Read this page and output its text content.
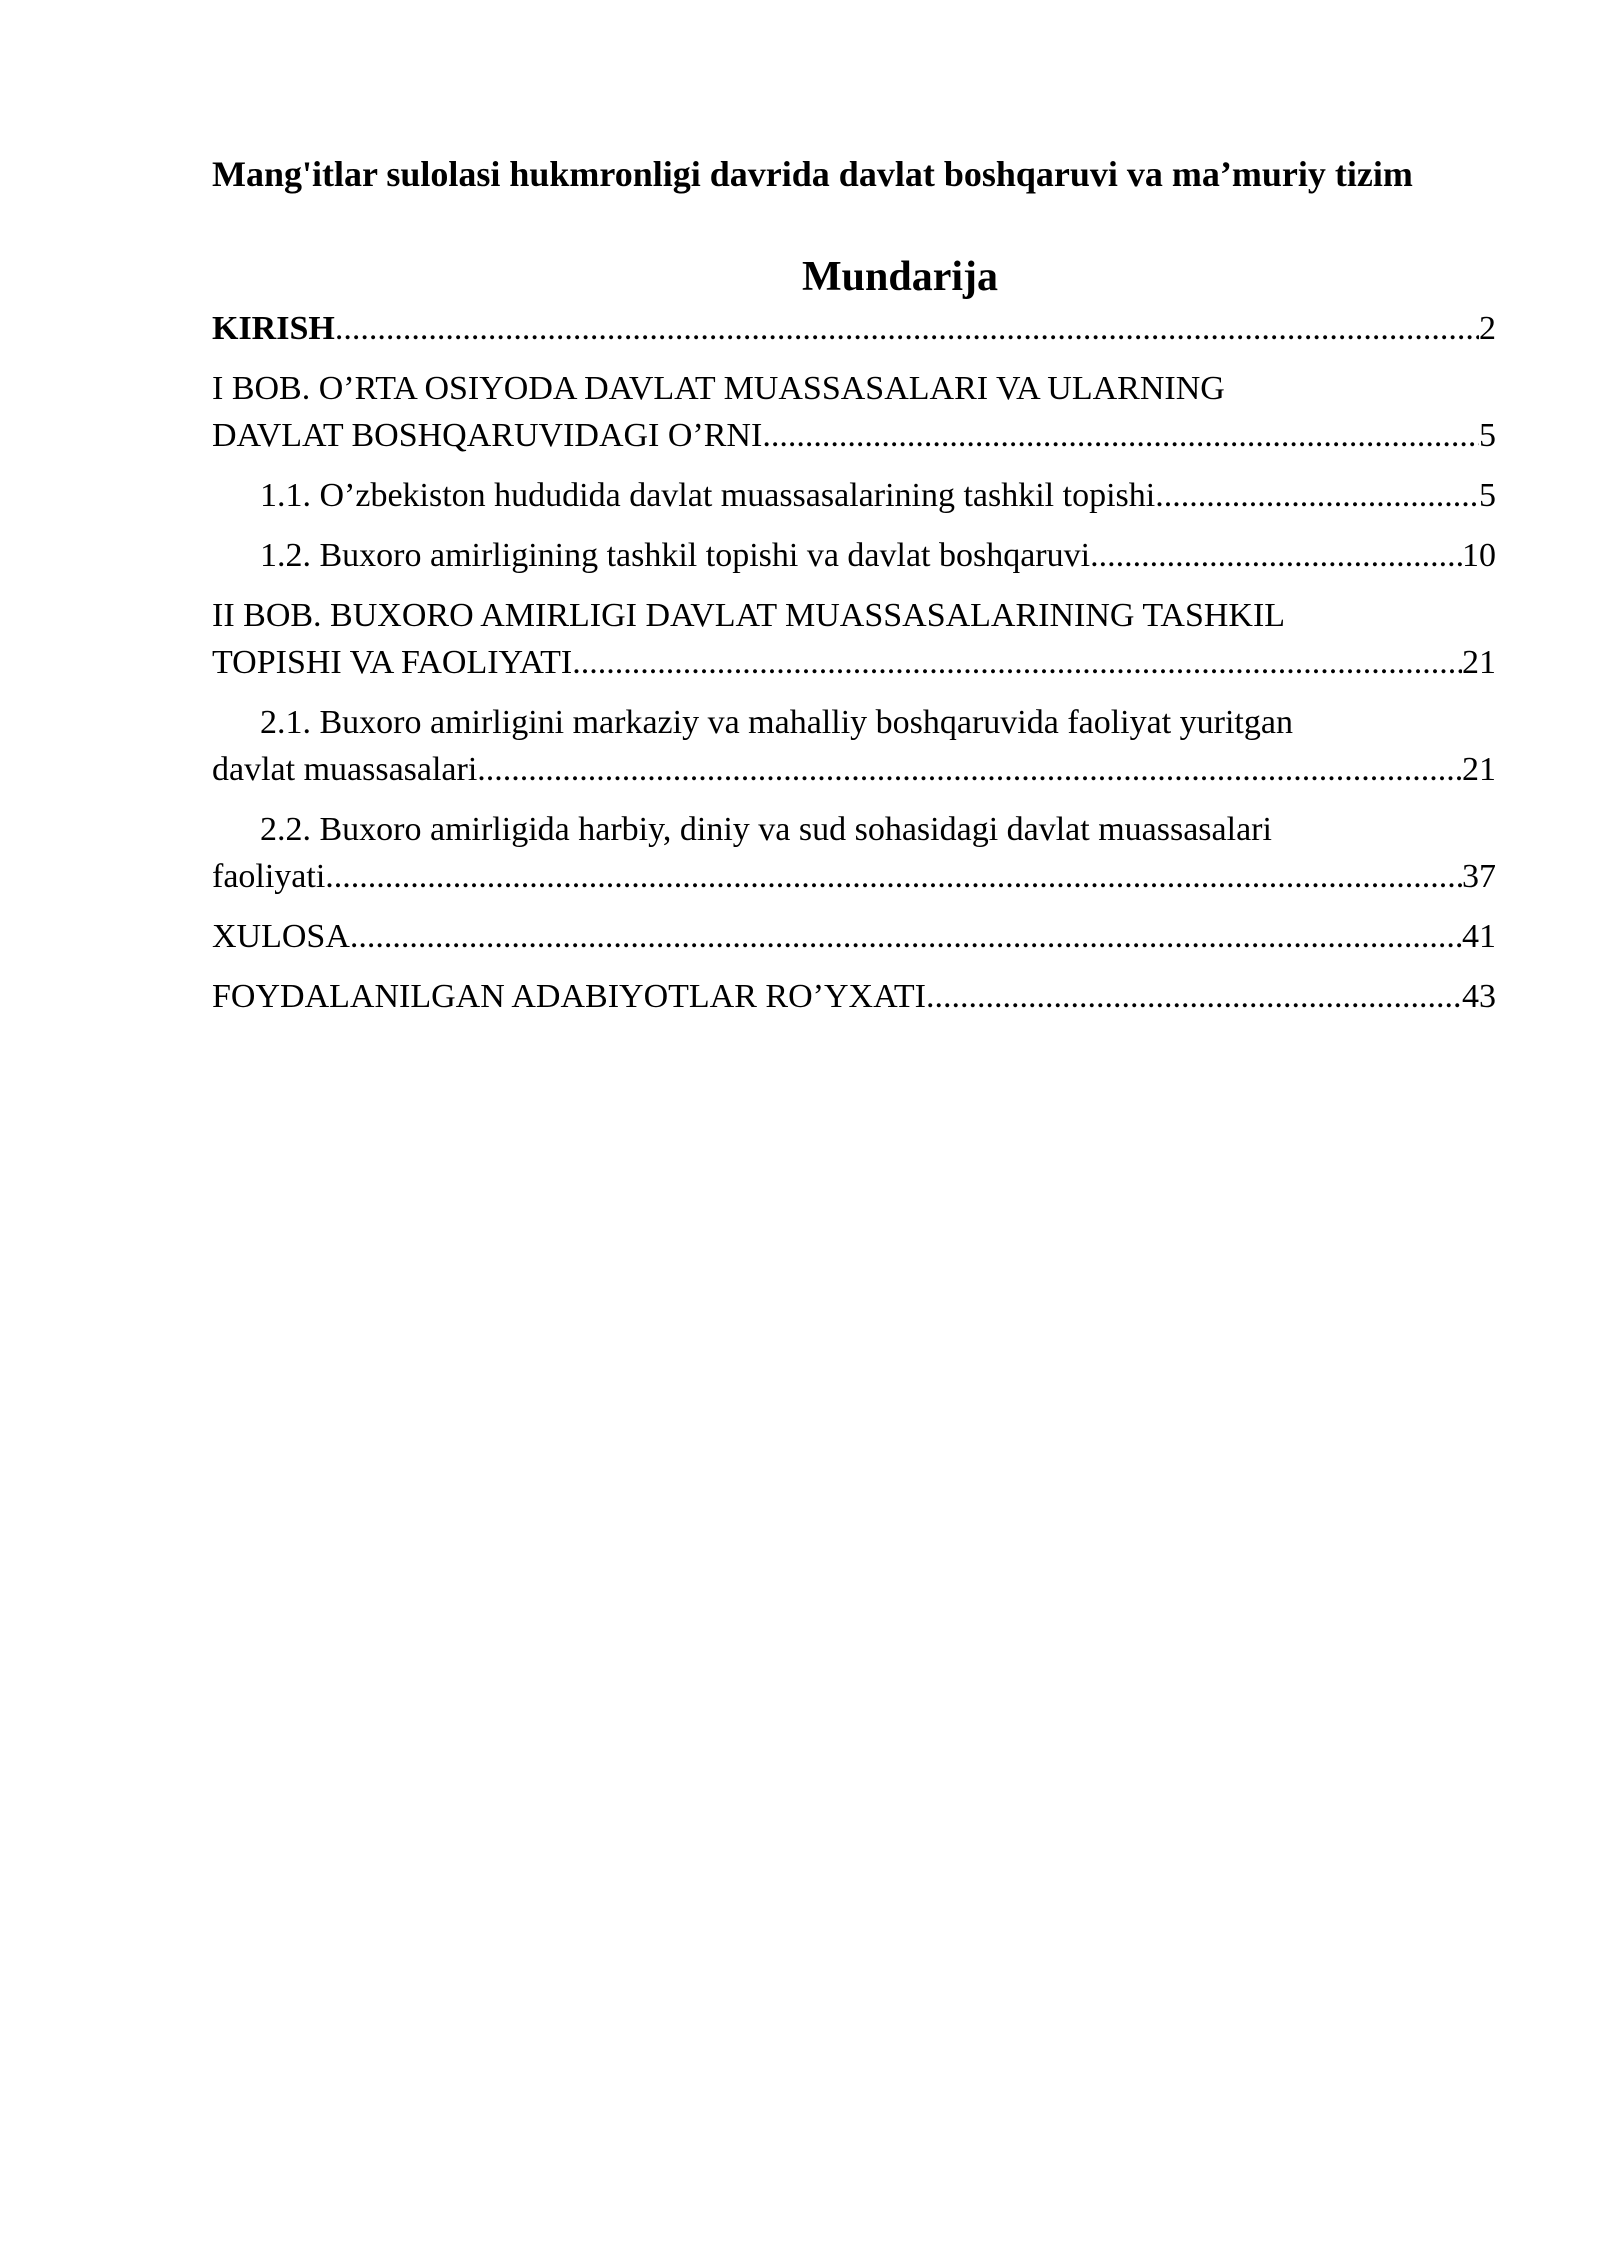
Mang'itlar sulolasi hukmronligi davrida davlat boshqaruvi va ma’muriy tizim
Mundarija
KIRISH .....	2
I BOB. O’RTA OSIYODA DAVLAT MUASSASALARI VA ULARNING
DAVLAT BOSHQARUVIDAGI O’RNI .....	5
1.1. O’zbekiston hududida davlat muassasalarining tashkil topishi .....	5
1.2. Buxoro amirligining tashkil topishi va davlat boshqaruvi .....	10
II BOB. BUXORO AMIRLIGI DAVLAT MUASSASALARINING TASHKIL
TOPISHI VA FAOLIYATI .....	21
2.1. Buxoro amirligini markaziy va mahalliy boshqaruvida faoliyat yuritgan
davlat muassasalari .....	21
2.2. Buxoro amirligida harbiy, diniy va sud sohasidagi davlat muassasalari
faoliyati .....	37
XULOSA .....	41
FOYDALANILGAN ADABIYOTLAR RO’YXATI .....	43
